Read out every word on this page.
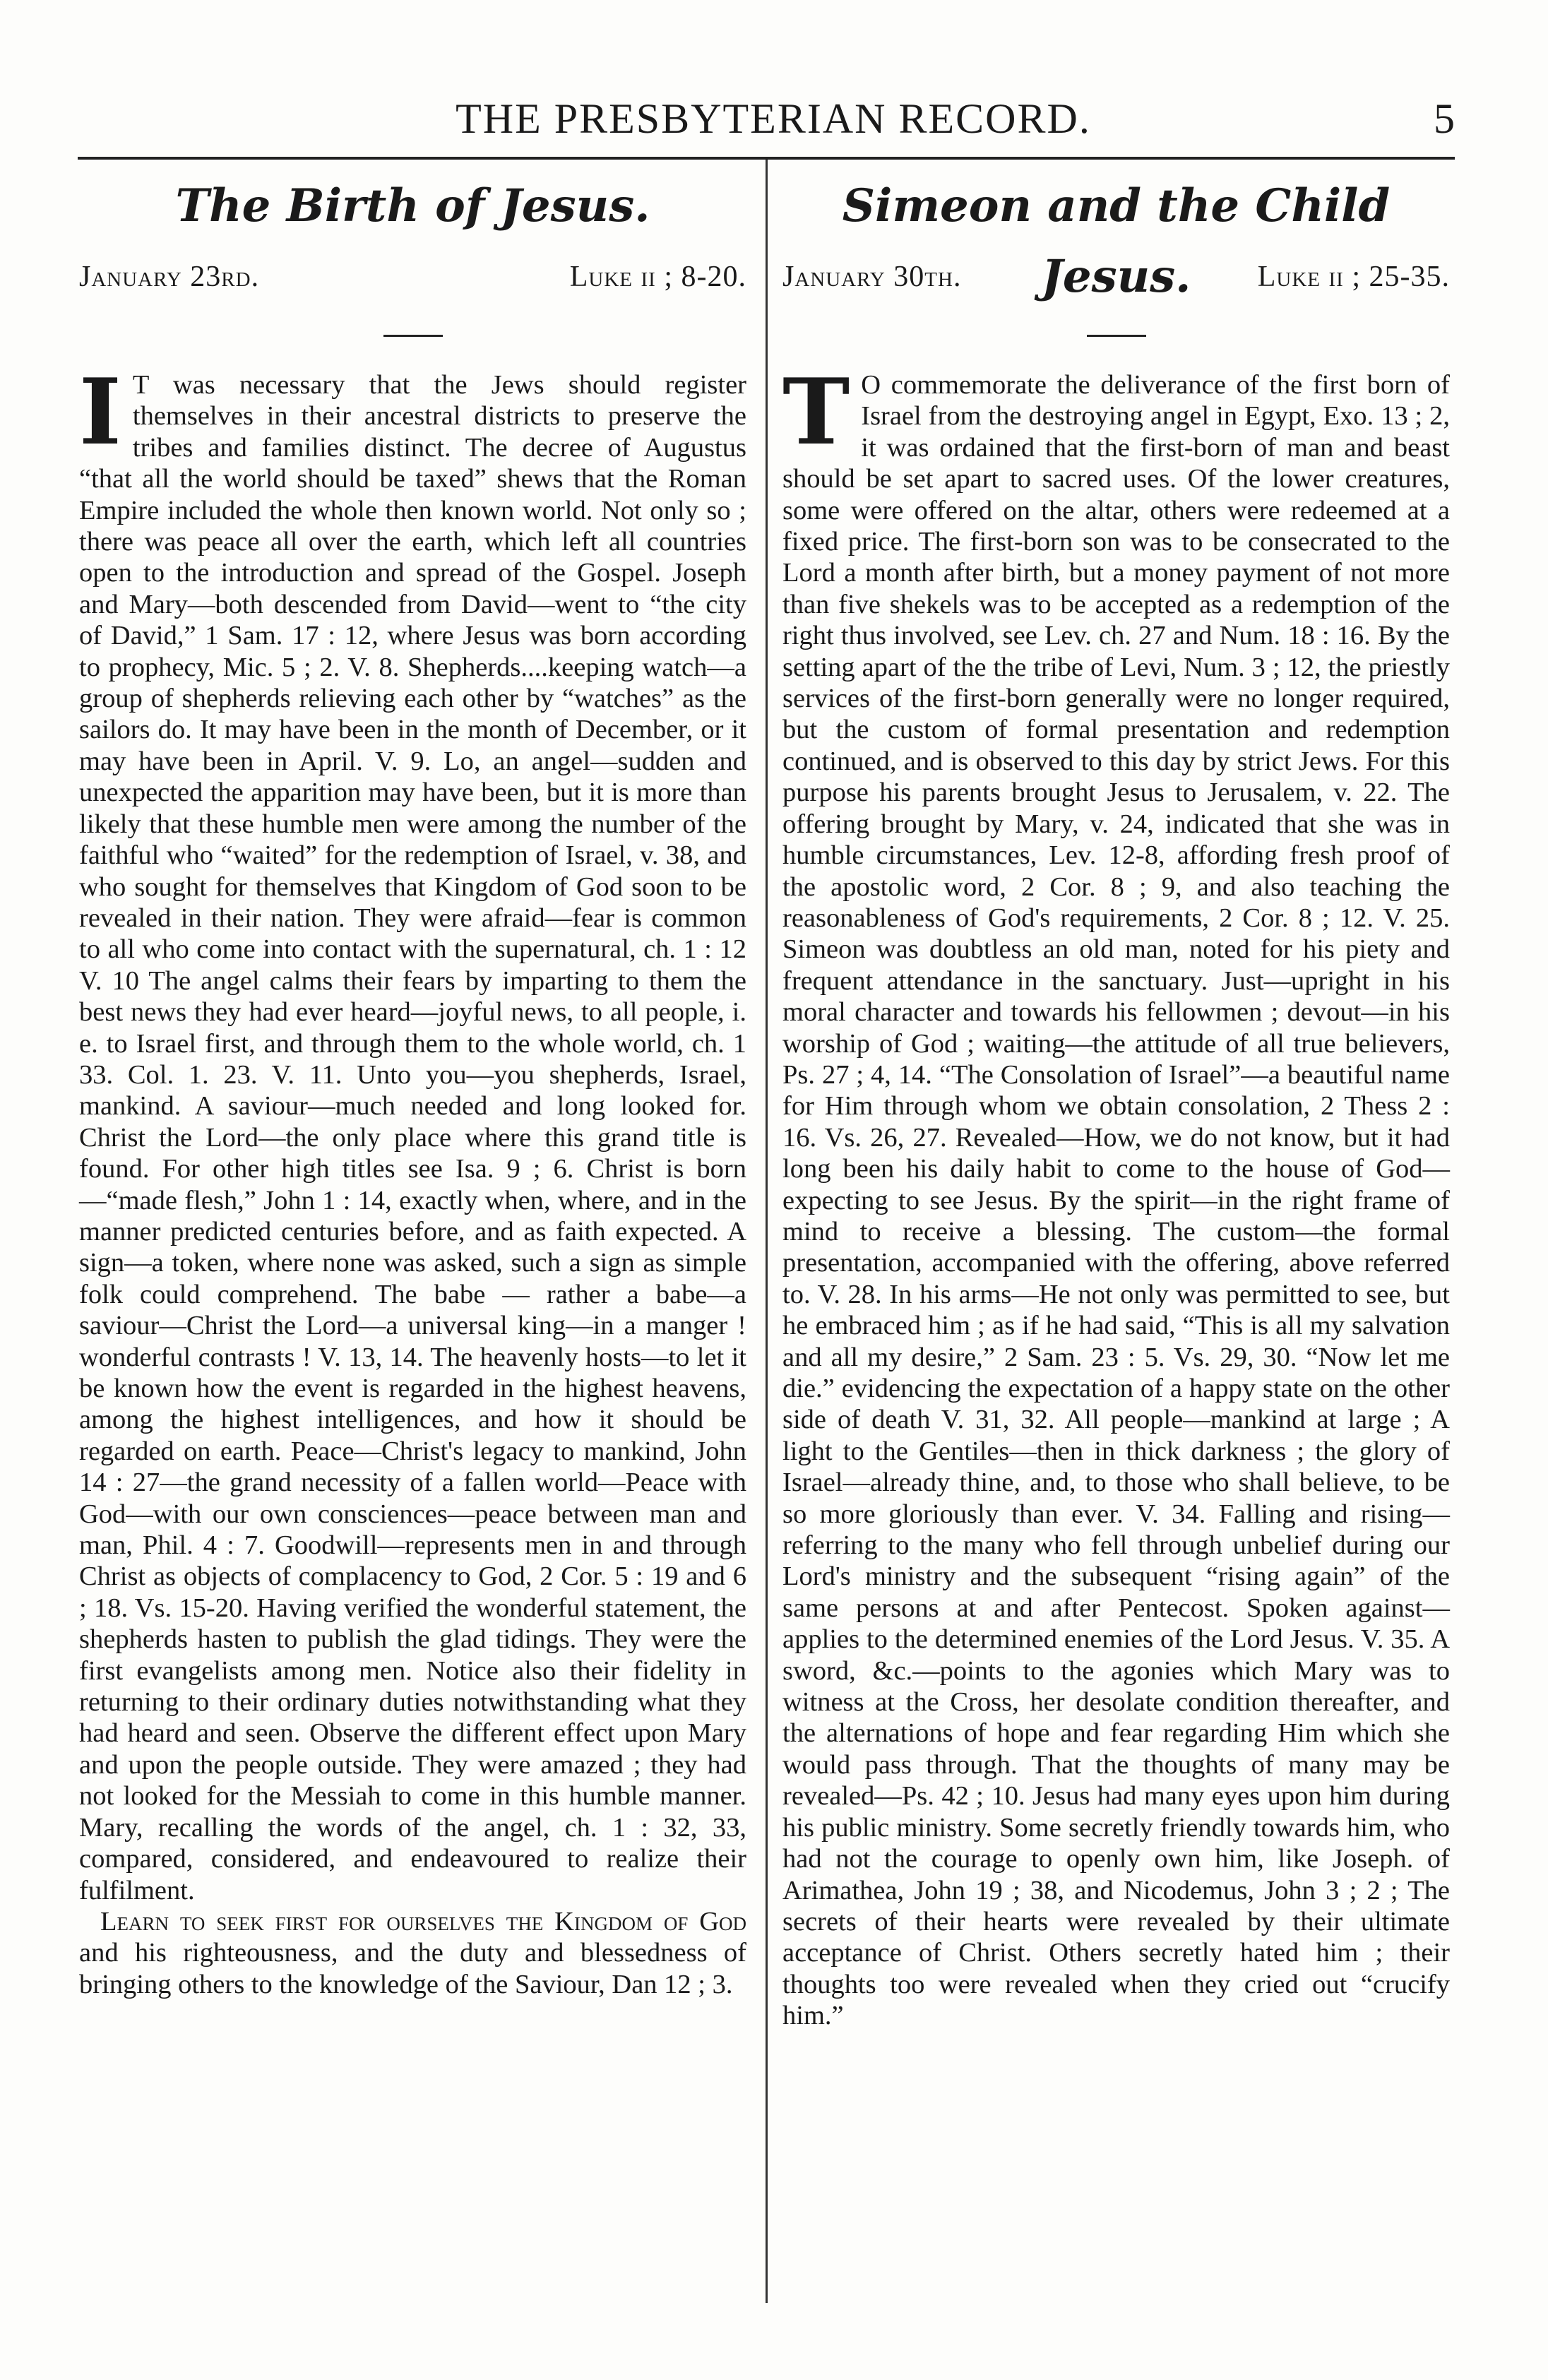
THE PRESBYTERIAN RECORD.	5
The Birth of Jesus.
January 23rd.	Luke ii ; 8-20.

IT was necessary that the Jews should register themselves in their ancestral districts to preserve the tribes and families distinct. The decree of Augustus “that all the world should be taxed” shews that the Roman Empire included the whole then known world. Not only so ; there was peace all over the earth, which left all countries open to the introduction and spread of the Gospel. Joseph and Mary—both descended from David—went to “the city of David,” 1 Sam. 17 : 12, where Jesus was born according to prophecy, Mic. 5 ; 2. V. 8. Shepherds....keeping watch—a group of shepherds relieving each other by “watches” as the sailors do. It may have been in the month of December, or it may have been in April. V. 9. Lo, an angel—sudden and unexpected the apparition may have been, but it is more than likely that these humble men were among the number of the faithful who “waited” for the redemption of Israel, v. 38, and who sought for themselves that Kingdom of God soon to be revealed in their nation. They were afraid—fear is common to all who come into contact with the supernatural, ch. 1 : 12 V. 10 The angel calms their fears by imparting to them the best news they had ever heard—joyful news, to all people, i. e. to Israel first, and through them to the whole world, ch. 1 33. Col. 1. 23. V. 11. Unto you—you shepherds, Israel, mankind. A saviour—much needed and long looked for. Christ the Lord—the only place where this grand title is found. For other high titles see Isa. 9 ; 6. Christ is born—“made flesh,” John 1 : 14, exactly when, where, and in the manner predicted centuries before, and as faith expected. A sign—a token, where none was asked, such a sign as simple folk could comprehend. The babe — rather a babe—a saviour—Christ the Lord—a universal king—in a manger ! wonderful contrasts ! V. 13, 14. The heavenly hosts—to let it be known how the event is regarded in the highest heavens, among the highest intelligences, and how it should be regarded on earth. Peace—Christ's legacy to mankind, John 14 : 27—the grand necessity of a fallen world—Peace with God—with our own consciences—peace between man and man, Phil. 4 : 7. Goodwill—represents men in and through Christ as objects of complacency to God, 2 Cor. 5 : 19 and 6 ; 18. Vs. 15-20. Having verified the wonderful statement, the shepherds hasten to publish the glad tidings. They were the first evangelists among men. Notice also their fidelity in returning to their ordinary duties notwithstanding what they had heard and seen. Observe the different effect upon Mary and upon the people outside. They were amazed ; they had not looked for the Messiah to come in this humble manner. Mary, recalling the words of the angel, ch. 1 : 32, 33, compared, considered, and endeavoured to realize their fulfilment.

Learn to seek first for ourselves the Kingdom of God and his righteousness, and the duty and blessedness of bringing others to the knowledge of the Saviour, Dan 12 ; 3.

Simeon and the Child Jesus.
January 30th.	Luke ii ; 25-35.

TO commemorate the deliverance of the first born of Israel from the destroying angel in Egypt, Exo. 13 ; 2, it was ordained that the first-born of man and beast should be set apart to sacred uses. Of the lower creatures, some were offered on the altar, others were redeemed at a fixed price. The first-born son was to be consecrated to the Lord a month after birth, but a money payment of not more than five shekels was to be accepted as a redemption of the right thus involved, see Lev. ch. 27 and Num. 18 : 16. By the setting apart of the the tribe of Levi, Num. 3 ; 12, the priestly services of the first-born generally were no longer required, but the custom of formal presentation and redemption continued, and is observed to this day by strict Jews. For this purpose his parents brought Jesus to Jerusalem, v. 22. The offering brought by Mary, v. 24, indicated that she was in humble circumstances, Lev. 12-8, affording fresh proof of the apostolic word, 2 Cor. 8 ; 9, and also teaching the reasonableness of God's requirements, 2 Cor. 8 ; 12. V. 25. Simeon was doubtless an old man, noted for his piety and frequent attendance in the sanctuary. Just—upright in his moral character and towards his fellowmen ; devout—in his worship of God ; waiting—the attitude of all true believers, Ps. 27 ; 4, 14. “The Consolation of Israel”—a beautiful name for Him through whom we obtain consolation, 2 Thess 2 : 16. Vs. 26, 27. Revealed—How, we do not know, but it had long been his daily habit to come to the house of God—expecting to see Jesus. By the spirit—in the right frame of mind to receive a blessing. The custom—the formal presentation, accompanied with the offering, above referred to. V. 28. In his arms—He not only was permitted to see, but he embraced him ; as if he had said, “This is all my salvation and all my desire,” 2 Sam. 23 : 5. Vs. 29, 30. “Now let me die.” evidencing the expectation of a happy state on the other side of death V. 31, 32. All people—mankind at large ; A light to the Gentiles—then in thick darkness ; the glory of Israel—already thine, and, to those who shall believe, to be so more gloriously than ever. V. 34. Falling and rising—referring to the many who fell through unbelief during our Lord's ministry and the subsequent “rising again” of the same persons at and after Pentecost. Spoken against—applies to the determined enemies of the Lord Jesus. V. 35. A sword, &c.—points to the agonies which Mary was to witness at the Cross, her desolate condition thereafter, and the alternations of hope and fear regarding Him which she would pass through. That the thoughts of many may be revealed—Ps. 42 ; 10. Jesus had many eyes upon him during his public ministry. Some secretly friendly towards him, who had not the courage to openly own him, like Joseph. of Arimathea, John 19 ; 38, and Nicodemus, John 3 ; 2 ; The secrets of their hearts were revealed by their ultimate acceptance of Christ. Others secretly hated him ; their thoughts too were revealed when they cried out “crucify him.”
